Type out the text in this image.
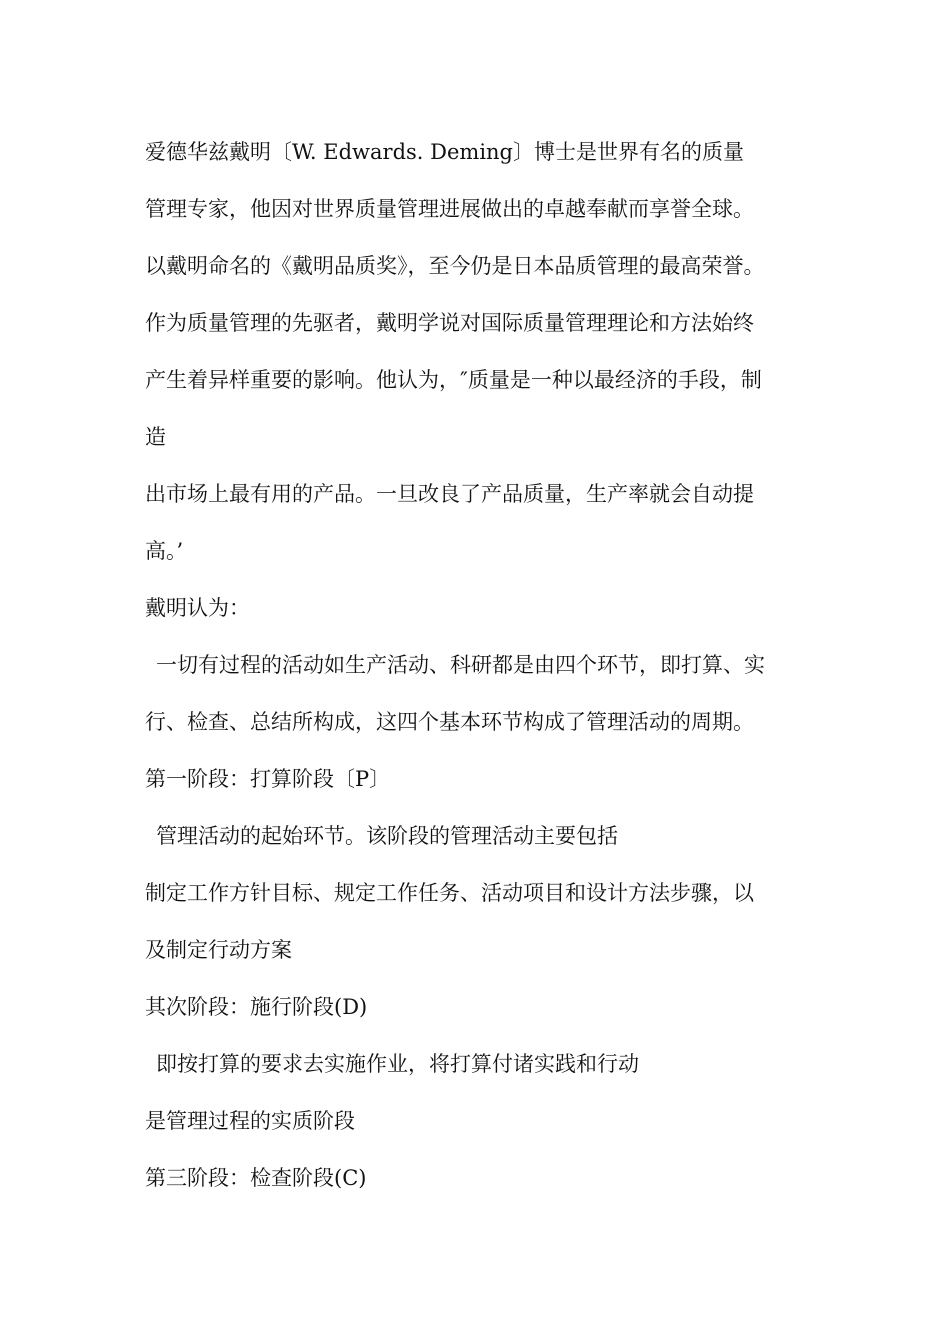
爱德华兹戴明〔W. Edwards. Deming〕博士是世界有名的质量
管理专家，他因对世界质量管理进展做出的卓越奉献而享誉全球。
以戴明命名的《戴明品质奖》，至今仍是日本品质管理的最高荣誉。
作为质量管理的先驱者，戴明学说对国际质量管理理论和方法始终
产生着异样重要的影响。他认为，″质量是一种以最经济的手段，制
造
出市场上最有用的产品。一旦改良了产品质量，生产率就会自动提
高。’
戴明认为：
一切有过程的活动如生产活动、科研都是由四个环节，即打算、实
行、检查、总结所构成，这四个基本环节构成了管理活动的周期。
第一阶段：打算阶段〔P〕
管理活动的起始环节。该阶段的管理活动主要包括
制定工作方针目标、规定工作任务、活动项目和设计方法步骤，以
及制定行动方案
其次阶段：施行阶段(D)
即按打算的要求去实施作业，将打算付诸实践和行动
是管理过程的实质阶段
第三阶段：检查阶段(C)
